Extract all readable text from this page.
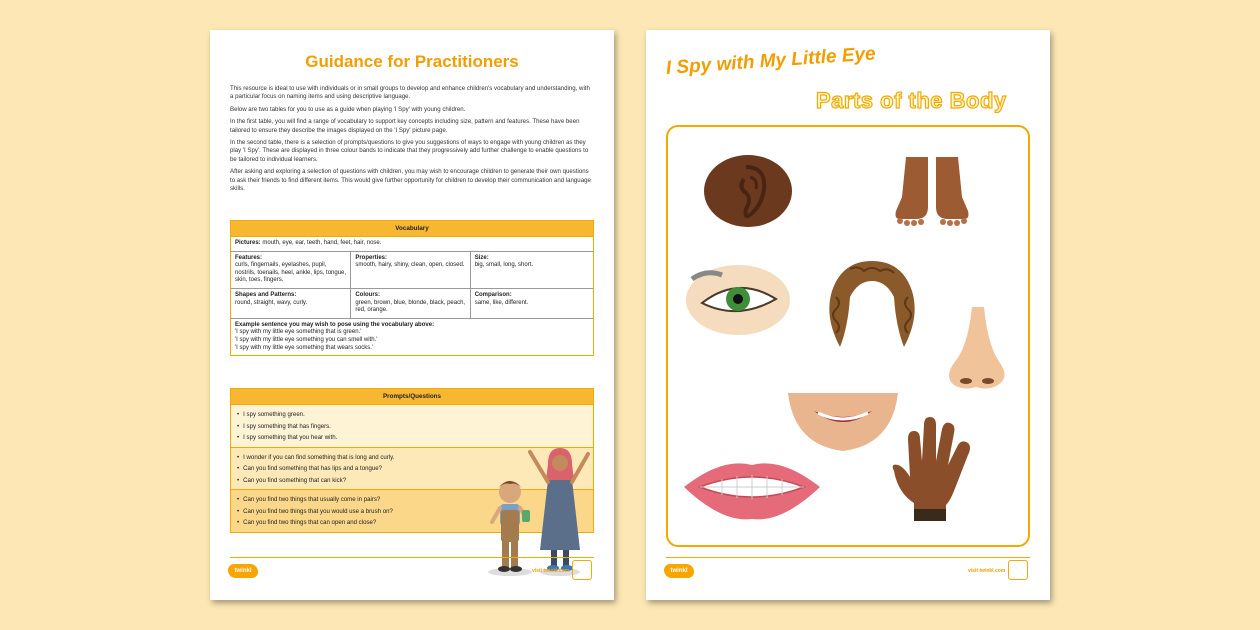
Guidance for Practitioners

This resource is ideal to use with individuals or in small groups to develop and enhance children's vocabulary and understanding, with a particular focus on naming items and using descriptive language.

Below are two tables for you to use as a guide when playing 'I Spy' with young children.

In the first table, you will find a range of vocabulary to support key concepts including size, pattern and features. These have been tailored to ensure they describe the images displayed on the 'I Spy' picture page.

In the second table, there is a selection of prompts/questions to give you suggestions of ways to engage with young children as they play 'I Spy'. These are displayed in three colour bands to indicate that they progressively add further challenge to enable questions to be tailored to individual learners.

After asking and exploring a selection of questions with children, you may wish to encourage children to generate their own questions to ask their friends to find different items. This would give further opportunity for children to develop their communication and language skills.

Vocabulary
Pictures: mouth, eye, ear, teeth, hand, feet, hair, nose.
Features:
curls, fingernails, eyelashes, pupil, nostrils, toenails, heel, ankle, lips, tongue, skin, toes, fingers.
Properties:
smooth, hairy, shiny, clean, open, closed.
Size:
big, small, long, short.
Shapes and Patterns:
round, straight, wavy, curly.
Colours:
green, brown, blue, blonde, black, peach, red, orange.
Comparison:
same, like, different.
Example sentence you may wish to pose using the vocabulary above:
'I spy with my little eye something that is green.'
'I spy with my little eye something you can smell with.'
'I spy with my little eye something that wears socks.'
Prompts/Questions
• I spy something green.
• I spy something that has fingers.
• I spy something that you hear with.
• I wonder if you can find something that is long and curly.
• Can you find something that has lips and a tongue?
• Can you find something that can kick?
• Can you find two things that usually come in pairs?
• Can you find two things that you would use a brush on?
• Can you find two things that can open and close?
twinkl	visit twinkl.com
I Spy with My Little Eye
Parts of the Body
twinkl	visit twinkl.com
